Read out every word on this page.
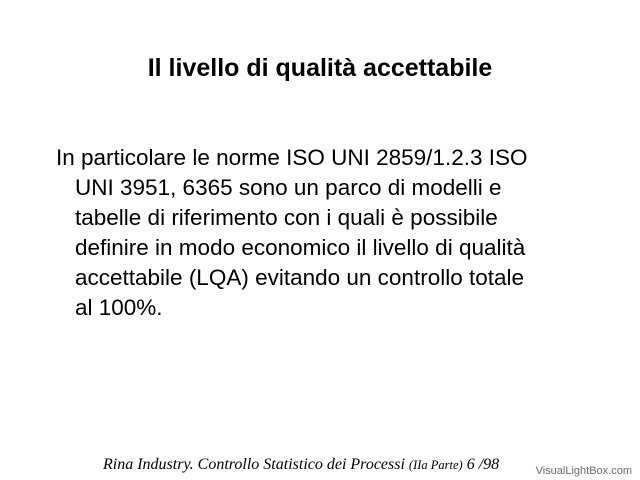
Il livello di qualità accettabile
In particolare le norme ISO UNI 2859/1.2.3 ISO
UNI 3951, 6365 sono un parco di modelli e
tabelle di riferimento con i quali è possibile
definire in modo economico il livello di qualità
accettabile (LQA) evitando un controllo totale
al 100%.
Rina Industry. Controllo Statistico dei Processi (IIa Parte) 6 /98	VisualLightBox.com
